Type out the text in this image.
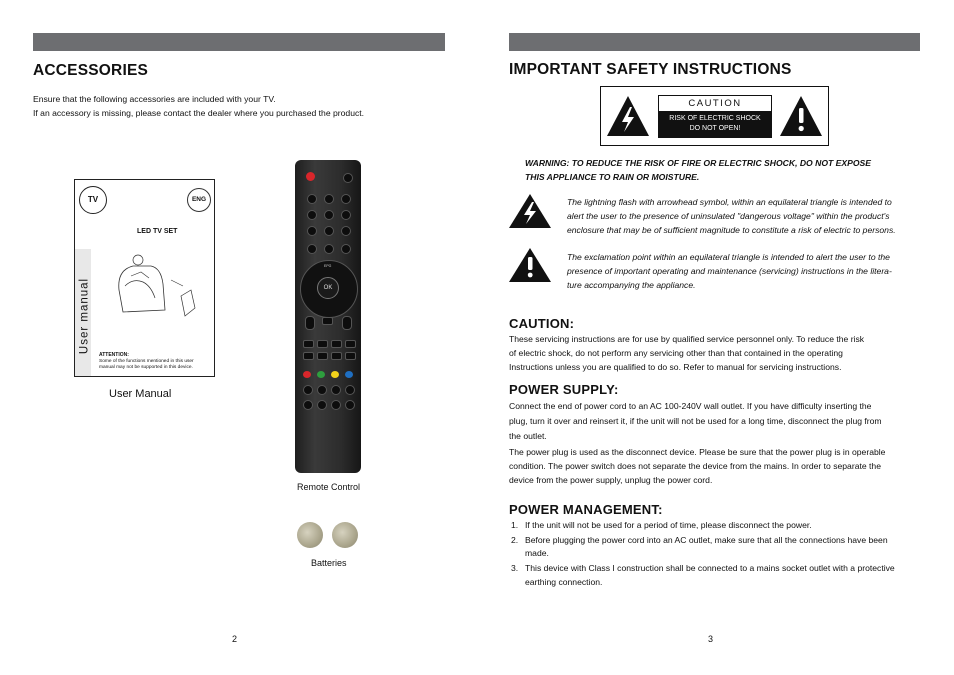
ACCESSORIES
Ensure that the following accessories are included with your TV.
If an accessory is missing, please contact the dealer where you purchased the product.
TV	ENG
LED TV SET
User manual
ATTENTION:
Some of the functions mentioned in this user
manual may not be supported in this device.
User Manual
EPG
OK
Remote Control
Batteries
2
IMPORTANT SAFETY INSTRUCTIONS
CAUTION
RISK OF ELECTRIC SHOCK
DO NOT OPEN!
WARNING: TO REDUCE THE RISK OF FIRE OR ELECTRIC SHOCK, DO NOT EXPOSE
THIS APPLIANCE TO RAIN OR MOISTURE.
The lightning flash with arrowhead symbol, within an equilateral triangle is intended to
alert the user to the presence of uninsulated "dangerous voltage" within the product's
enclosure that may be of sufficient magnitude to constitute a risk of electric to persons.
The exclamation point within an equilateral triangle is intended to alert the user to the
presence of important operating and maintenance (servicing) instructions in the litera-
ture accompanying the appliance.
CAUTION:
These servicing instructions are for use by qualified service personnel only. To reduce the risk
of electric shock, do not perform any servicing other than that contained in the operating
Instructions unless you are qualified to do so. Refer to manual for servicing instructions.
POWER SUPPLY:
Connect the end of power cord to an AC 100-240V wall outlet. If you have difficulty inserting the
plug, turn it over and reinsert it, if the unit will not be used for a long time, disconnect the plug from
the outlet.
The power plug is used as the disconnect device. Please be sure that the power plug is in operable
condition. The power switch does not separate the device from the mains. In order to separate the
device from the power supply, unplug the power cord.
POWER MANAGEMENT:
1. If the unit will not be used for a period of time, please disconnect the power.
2. Before plugging the power cord into an AC outlet, make sure that all the connections have been
made.
3. This device with Class I construction shall be connected to a mains socket outlet with a protective
earthing connection.
3
